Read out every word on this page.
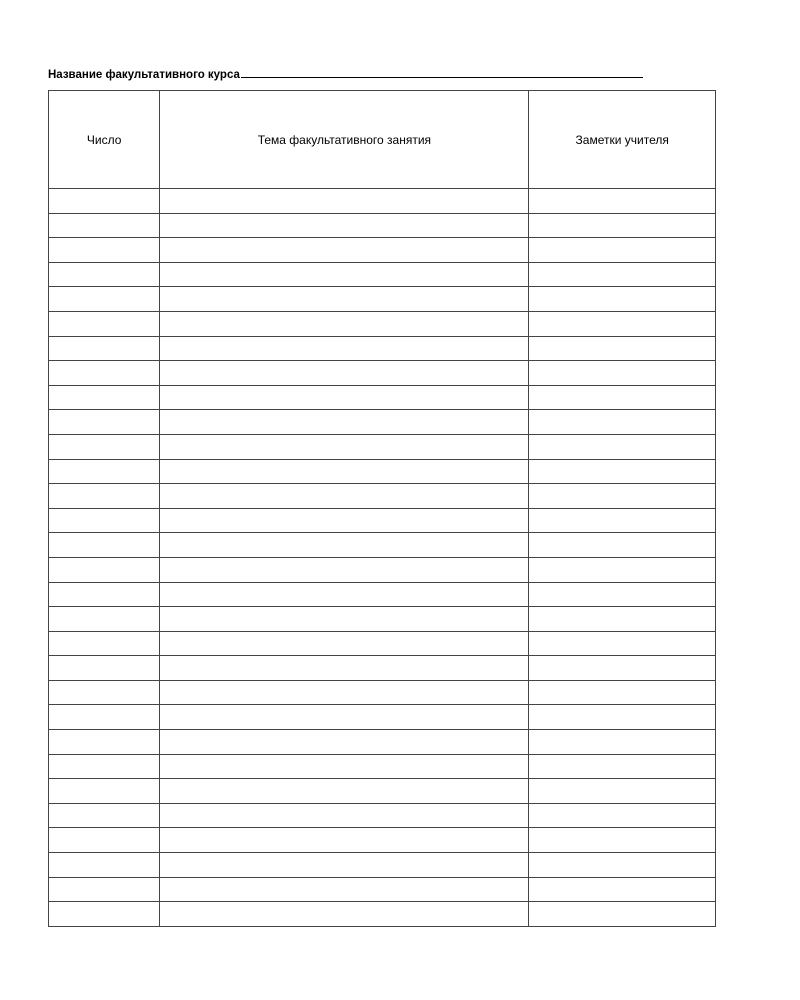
Название факультативного курса
Число	Тема факультативного занятия	Заметки учителя
